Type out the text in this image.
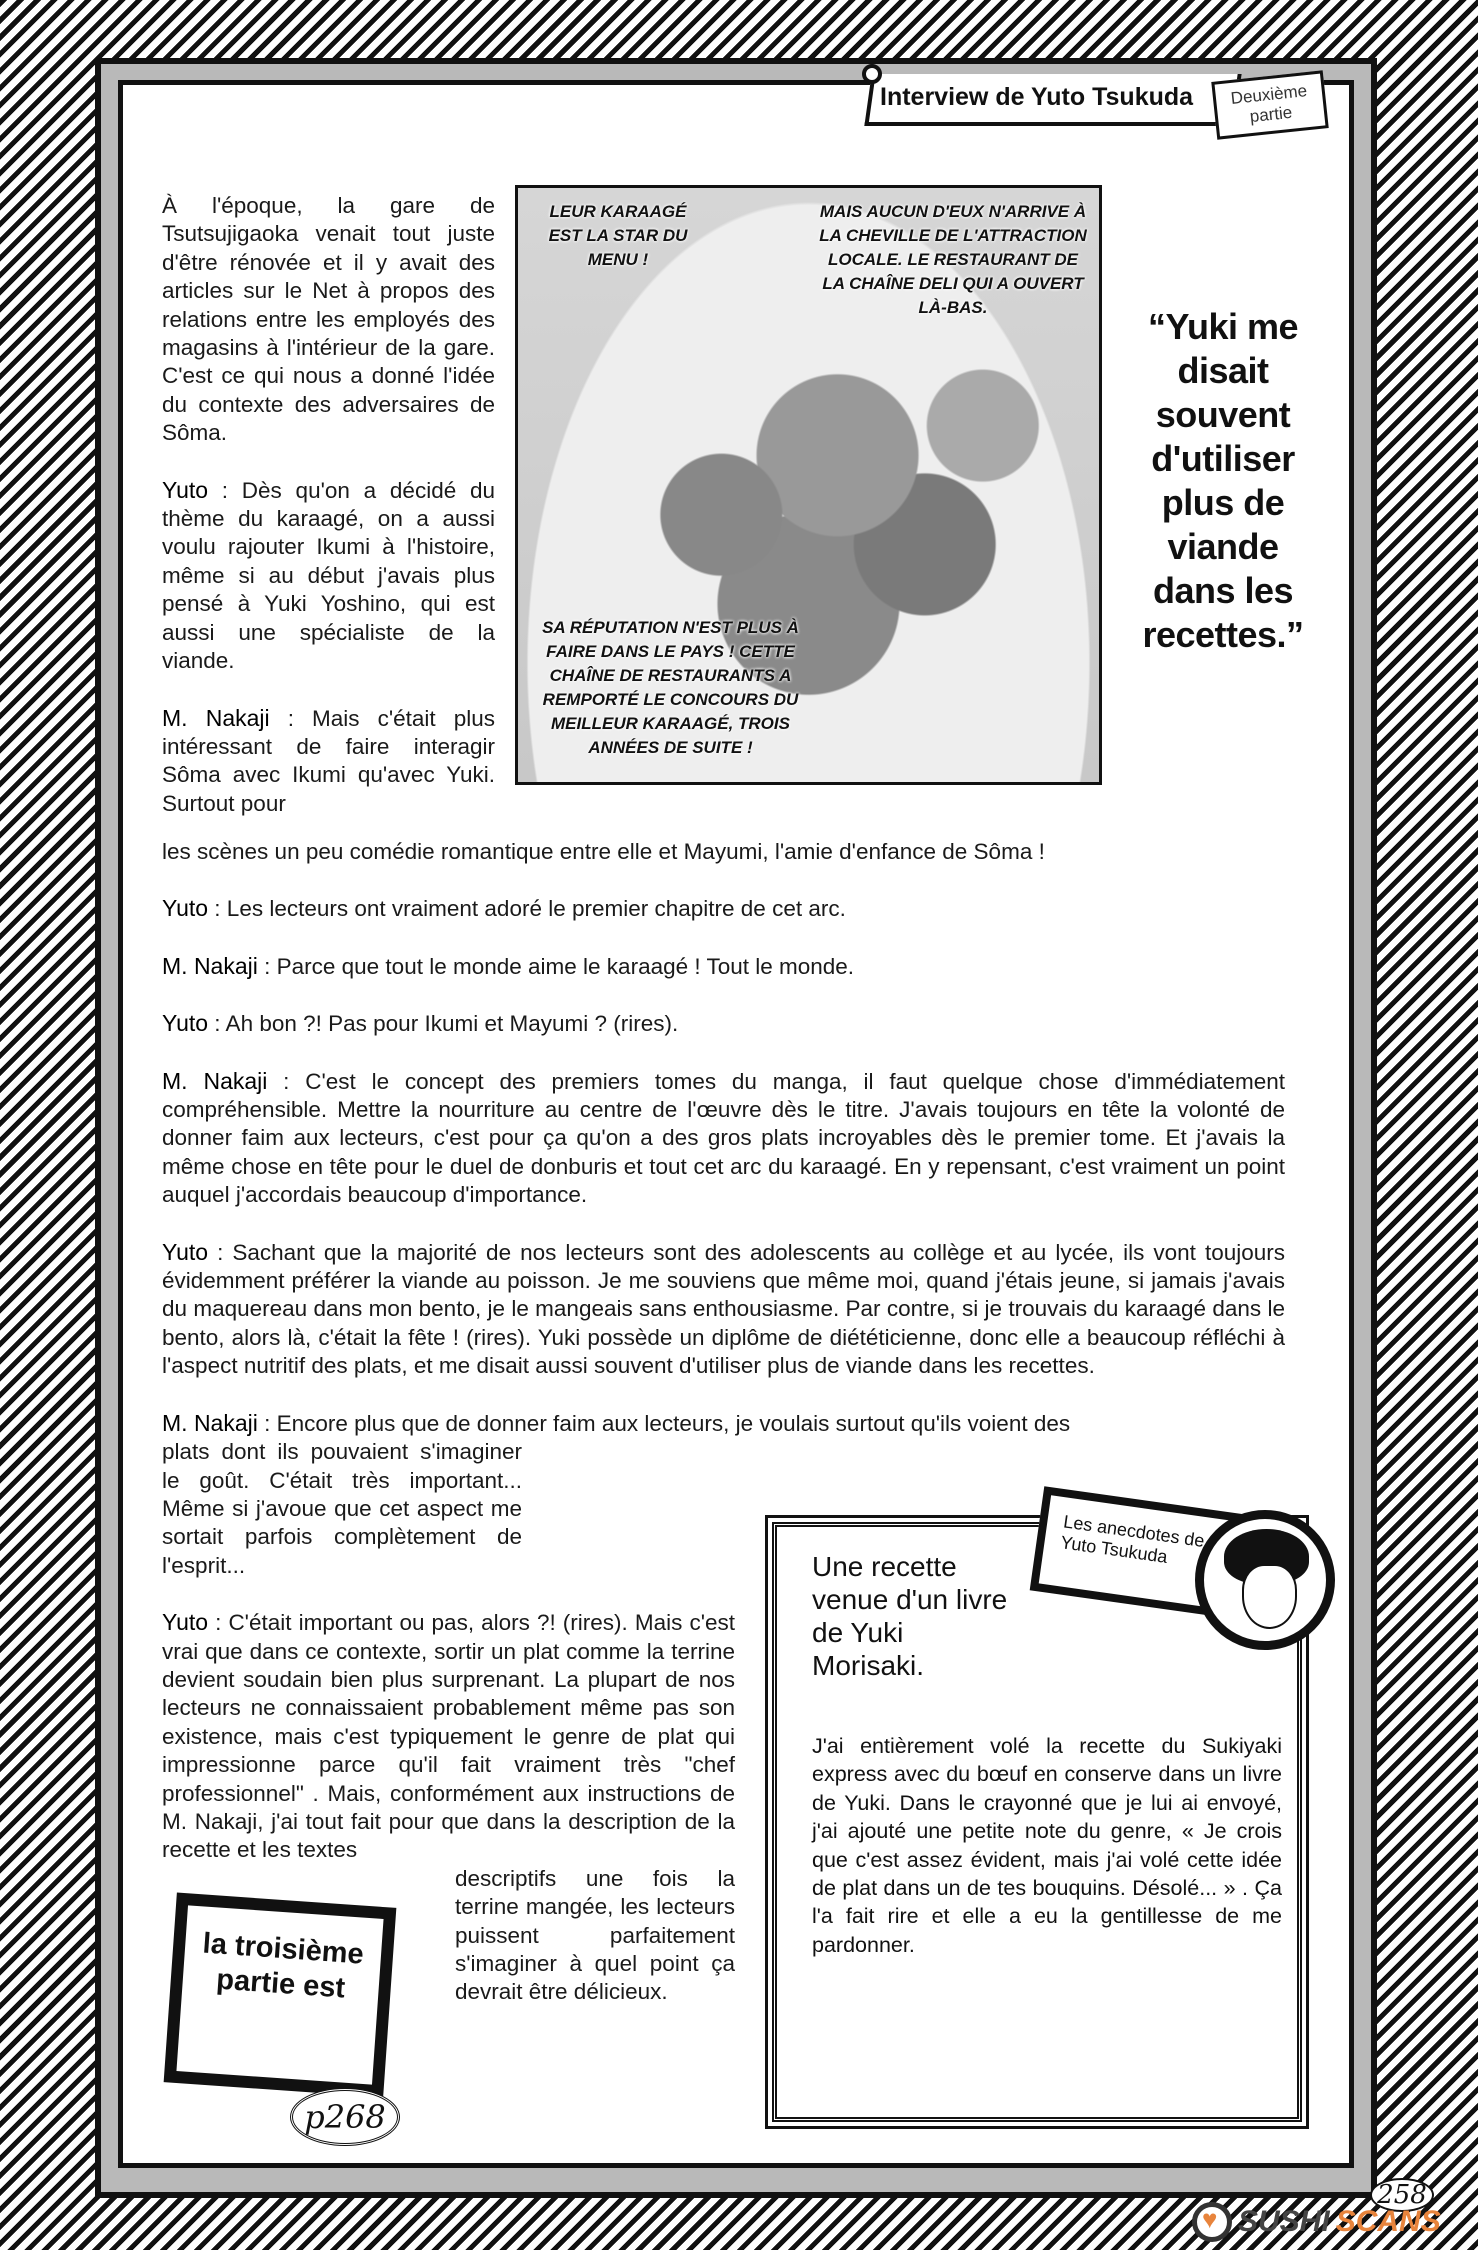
Interview de Yuto Tsukuda	Deuxième partie

À l'époque, la gare de Tsutsujigaoka venait tout juste d'être rénovée et il y avait des articles sur le Net à propos des relations entre les employés des magasins à l'intérieur de la gare. C'est ce qui nous a donné l'idée du contexte des adversaires de Sôma.

Yuto : Dès qu'on a décidé du thème du karaagé, on a aussi voulu rajouter Ikumi à l'histoire, même si au début j'avais plus pensé à Yuki Yoshino, qui est aussi une spécialiste de la viande.

M. Nakaji : Mais c'était plus intéressant de faire interagir Sôma avec Ikumi qu'avec Yuki. Surtout pour

LEUR KARAAGÉ EST LA STAR DU MENU !
MAIS AUCUN D'EUX N'ARRIVE À LA CHEVILLE DE L'ATTRACTION LOCALE. LE RESTAURANT DE LA CHAÎNE DELI QUI A OUVERT LÀ-BAS.
SA RÉPUTATION N'EST PLUS À FAIRE DANS LE PAYS ! CETTE CHAÎNE DE RESTAURANTS A REMPORTÉ LE CONCOURS DU MEILLEUR KARAAGÉ, TROIS ANNÉES DE SUITE !
“Yuki me disait souvent d'utiliser plus de viande dans les recettes.”

les scènes un peu comédie romantique entre elle et Mayumi, l'amie d'enfance de Sôma !

Yuto : Les lecteurs ont vraiment adoré le premier chapitre de cet arc.

M. Nakaji : Parce que tout le monde aime le karaagé ! Tout le monde.

Yuto : Ah bon ?! Pas pour Ikumi et Mayumi ? (rires).

M. Nakaji : C'est le concept des premiers tomes du manga, il faut quelque chose d'immédiatement compréhensible. Mettre la nourriture au centre de l'œuvre dès le titre. J'avais toujours en tête la volonté de donner faim aux lecteurs, c'est pour ça qu'on a des gros plats incroyables dès le premier tome. Et j'avais la même chose en tête pour le duel de donburis et tout cet arc du karaagé. En y repensant, c'est vraiment un point auquel j'accordais beaucoup d'importance.

Yuto : Sachant que la majorité de nos lecteurs sont des adolescents au collège et au lycée, ils vont toujours évidemment préférer la viande au poisson. Je me souviens que même moi, quand j'étais jeune, si jamais j'avais du maquereau dans mon bento, je le mangeais sans enthousiasme. Par contre, si je trouvais du karaagé dans le bento, alors là, c'était la fête ! (rires). Yuki possède un diplôme de diététicienne, donc elle a beaucoup réfléchi à l'aspect nutritif des plats, et me disait aussi souvent d'utiliser plus de viande dans les recettes.

M. Nakaji : Encore plus que de donner faim aux lecteurs, je voulais surtout qu'ils voient des
plats dont ils pouvaient s'imaginer le goût. C'était très important... Même si j'avoue que cet aspect me sortait parfois complètement de l'esprit...
Yuto : C'était important ou pas, alors ?! (rires). Mais c'est vrai que dans ce contexte, sortir un plat comme la terrine devient soudain bien plus surprenant. La plupart de nos lecteurs ne connaissaient probablement même pas son existence, mais c'est typiquement le genre de plat qui impressionne parce qu'il fait vraiment très "chef professionnel" . Mais, conformément aux instructions de M. Nakaji, j'ai tout fait pour que dans la description de la recette et les textes
descriptifs une fois la terrine mangée, les lecteurs puissent parfaitement s'imaginer à quel point ça devrait être délicieux.
Une recette venue d'un livre de Yuki Morisaki.
J'ai entièrement volé la recette du Sukiyaki express avec du bœuf en conserve dans un livre de Yuki. Dans le crayonné que je lui ai envoyé, j'ai ajouté une petite note du genre, « Je crois que c'est assez évident, mais j'ai volé cette idée de plat dans un de tes bouquins. Désolé... » . Ça l'a fait rire et elle a eu la gentillesse de me pardonner.
Les anecdotes de Yuto Tsukuda
la troisième partie est
p268
258
♥
SUSHI SCANS
